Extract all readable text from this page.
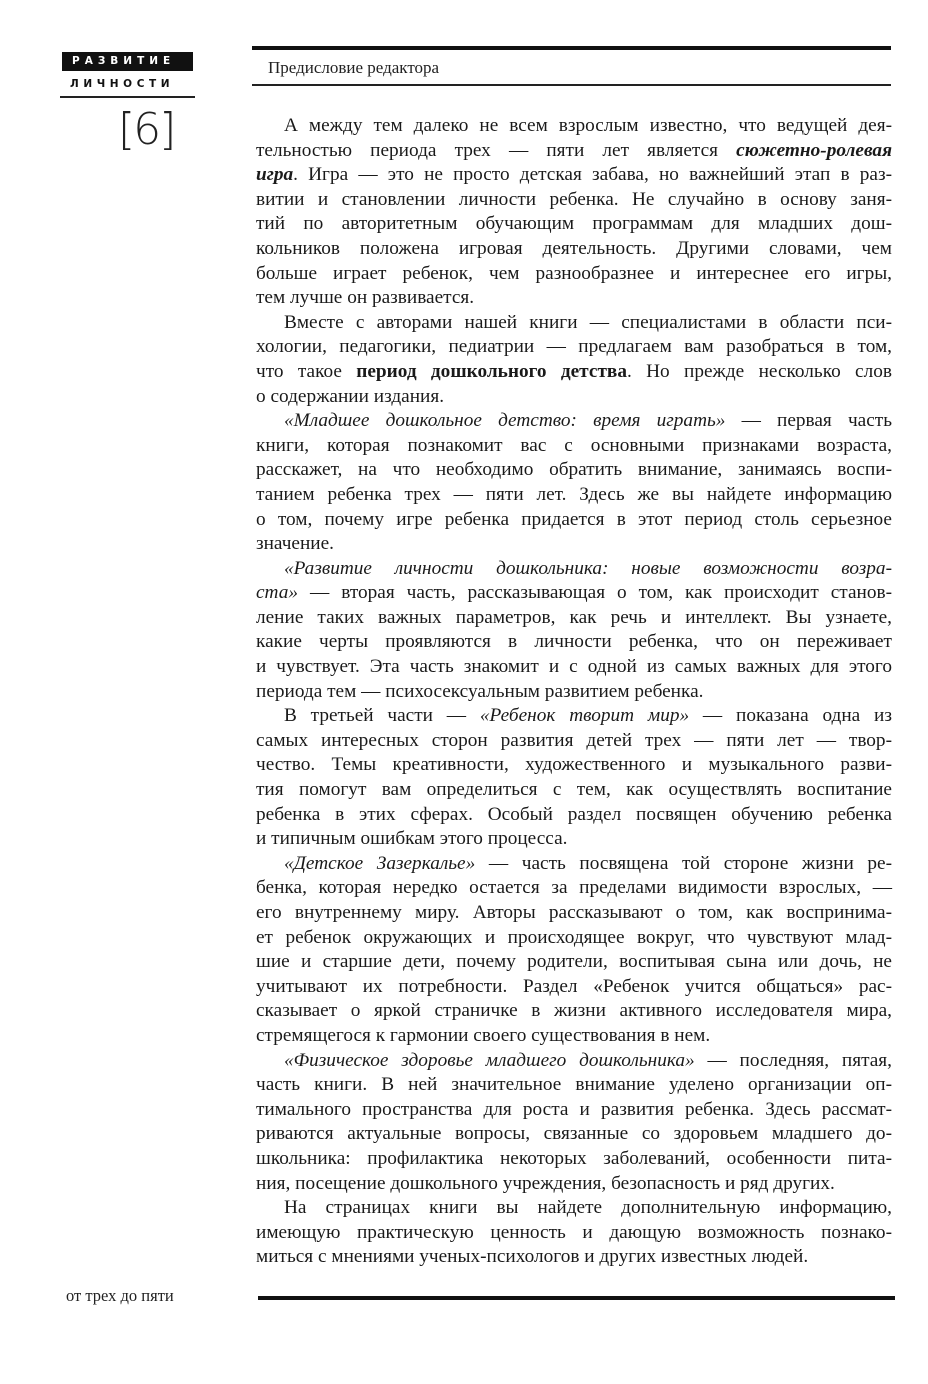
РАЗВИТИЕ
ЛИЧНОСТИ
[6]
Предисловие редактора
А между тем далеко не всем взрослым известно, что ведущей дея-
тельностью периода трех — пяти лет является сюжетно-ролевая
игра. Игра — это не просто детская забава, но важнейший этап в раз-
витии и становлении личности ребенка. Не случайно в основу заня-
тий по авторитетным обучающим программам для младших дош-
кольников положена игровая деятельность. Другими словами, чем
больше играет ребенок, чем разнообразнее и интереснее его игры,
тем лучше он развивается.
Вместе с авторами нашей книги — специалистами в области пси-
хологии, педагогики, педиатрии — предлагаем вам разобраться в том,
что такое период дошкольного детства. Но прежде несколько слов
о содержании издания.
«Младшее дошкольное детство: время играть» — первая часть
книги, которая познакомит вас с основными признаками возраста,
расскажет, на что необходимо обратить внимание, занимаясь воспи-
танием ребенка трех — пяти лет. Здесь же вы найдете информацию
о том, почему игре ребенка придается в этот период столь серьезное
значение.
«Развитие личности дошкольника: новые возможности возра-
ста» — вторая часть, рассказывающая о том, как происходит станов-
ление таких важных параметров, как речь и интеллект. Вы узнаете,
какие черты проявляются в личности ребенка, что он переживает
и чувствует. Эта часть знакомит и с одной из самых важных для этого
периода тем — психосексуальным развитием ребенка.
В третьей части — «Ребенок творит мир» — показана одна из
самых интересных сторон развития детей трех — пяти лет — твор-
чество. Темы креативности, художественного и музыкального разви-
тия помогут вам определиться с тем, как осуществлять воспитание
ребенка в этих сферах. Особый раздел посвящен обучению ребенка
и типичным ошибкам этого процесса.
«Детское Зазеркалье» — часть посвящена той стороне жизни ре-
бенка, которая нередко остается за пределами видимости взрослых, —
его внутреннему миру. Авторы рассказывают о том, как воспринима-
ет ребенок окружающих и происходящее вокруг, что чувствуют млад-
шие и старшие дети, почему родители, воспитывая сына или дочь, не
учитывают их потребности. Раздел «Ребенок учится общаться» рас-
сказывает о яркой страничке в жизни активного исследователя мира,
стремящегося к гармонии своего существования в нем.
«Физическое здоровье младшего дошкольника» — последняя, пятая,
часть книги. В ней значительное внимание уделено организации оп-
тимального пространства для роста и развития ребенка. Здесь рассмат-
риваются актуальные вопросы, связанные со здоровьем младшего до-
школьника: профилактика некоторых заболеваний, особенности пита-
ния, посещение дошкольного учреждения, безопасность и ряд других.
На страницах книги вы найдете дополнительную информацию,
имеющую практическую ценность и дающую возможность познако-
миться с мнениями ученых-психологов и других известных людей.
от трех до пяти
